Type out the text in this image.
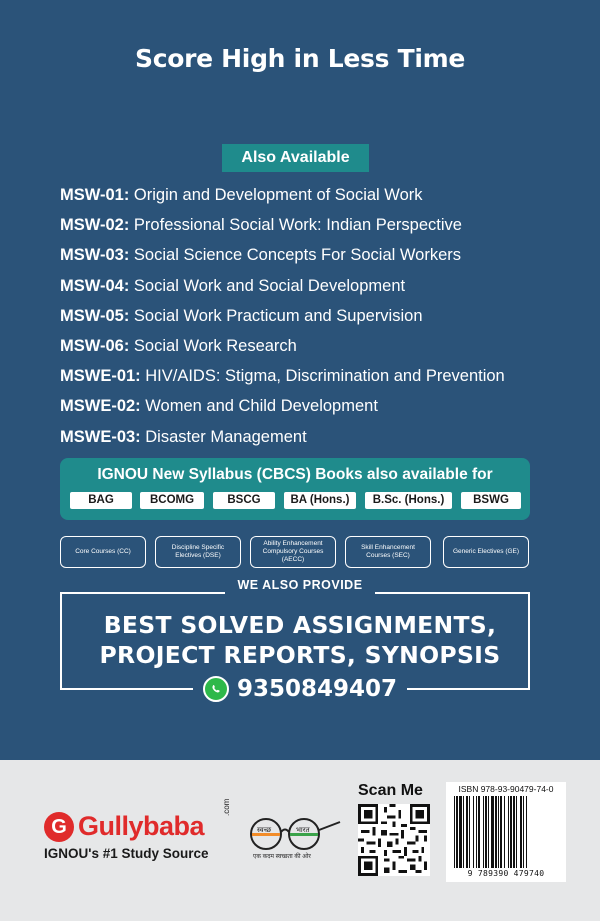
Score High in Less Time
Also Available
MSW-01: Origin and Development of Social Work
MSW-02: Professional Social Work: Indian Perspective
MSW-03: Social Science Concepts For Social Workers
MSW-04: Social Work and Social Development
MSW-05: Social Work Practicum and Supervision
MSW-06: Social Work Research
MSWE-01: HIV/AIDS: Stigma, Discrimination and Prevention
MSWE-02: Women and Child Development
MSWE-03: Disaster Management
IGNOU New Syllabus (CBCS) Books also available for
BAG	BCOMG	BSCG	BA (Hons.)	B.Sc. (Hons.)	BSWG
Core Courses (CC)
Discipline Specific Electives (DSE)
Ability Enhancement Compulsory Courses (AECC)
Skill Enhancement Courses (SEC)
Generic Electives (GE)
WE ALSO PROVIDE
BEST SOLVED ASSIGNMENTS,
PROJECT REPORTS, SYNOPSIS
9350849407
G Gullybaba
.com
IGNOU's #1 Study Source
स्वच्छ	भारत
एक कदम स्वच्छता की ओर
Scan Me	ISBN 978-93-90479-74-0
9 789390 479740
